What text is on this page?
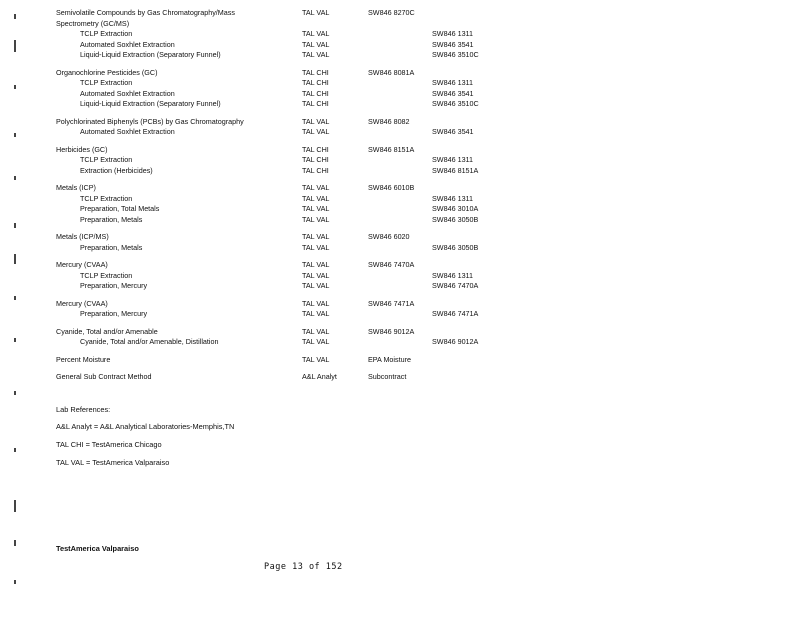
Semivolatile Compounds by Gas Chromatography/Mass	TAL VAL	SW846 8270C
Spectrometry (GC/MS)
TCLP Extraction	TAL VAL	SW846 1311
Automated Soxhlet Extraction	TAL VAL	SW846 3541
Liquid-Liquid Extraction (Separatory Funnel)	TAL VAL	SW846 3510C
Organochlorine Pesticides (GC)	TAL CHI	SW846 8081A
TCLP Extraction	TAL CHI	SW846 1311
Automated Soxhlet Extraction	TAL CHI	SW846 3541
Liquid-Liquid Extraction (Separatory Funnel)	TAL CHI	SW846 3510C
Polychlorinated Biphenyls (PCBs) by Gas Chromatography	TAL VAL	SW846 8082
Automated Soxhlet Extraction	TAL VAL	SW846 3541
Herbicides (GC)	TAL CHI	SW846 8151A
TCLP Extraction	TAL CHI	SW846 1311
Extraction (Herbicides)	TAL CHI	SW846 8151A
Metals (ICP)	TAL VAL	SW846 6010B
TCLP Extraction	TAL VAL	SW846 1311
Preparation, Total Metals	TAL VAL	SW846 3010A
Preparation, Metals	TAL VAL	SW846 3050B
Metals (ICP/MS)	TAL VAL	SW846 6020
Preparation, Metals	TAL VAL	SW846 3050B
Mercury (CVAA)	TAL VAL	SW846 7470A
TCLP Extraction	TAL VAL	SW846 1311
Preparation, Mercury	TAL VAL	SW846 7470A
Mercury (CVAA)	TAL VAL	SW846 7471A
Preparation, Mercury	TAL VAL	SW846 7471A
Cyanide, Total and/or Amenable	TAL VAL	SW846 9012A
Cyanide, Total and/or Amenable, Distillation	TAL VAL	SW846 9012A
Percent Moisture	TAL VAL	EPA Moisture
General Sub Contract Method	A&L Analyt	Subcontract
Lab References:
A&L Analyt = A&L Analytical Laboratories-Memphis,TN
TAL CHI = TestAmerica Chicago
TAL VAL = TestAmerica Valparaiso
TestAmerica Valparaiso
Page 13 of 152
